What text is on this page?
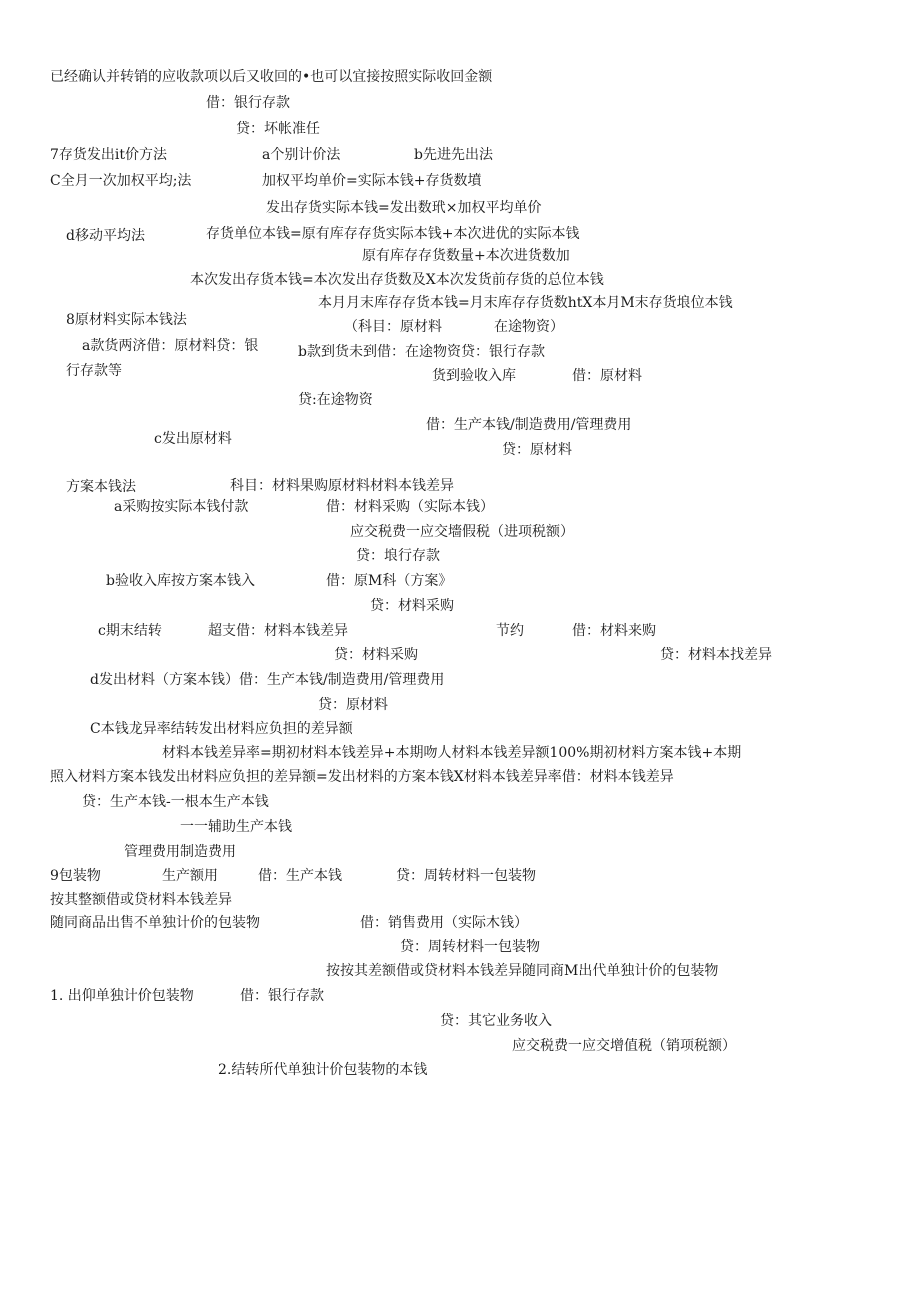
已经确认并转销的应收款项以后又收回的•也可以宜接按照实际收回金额
借：银行存款
贷：坏帐准任
7存货发出it价方法	a个别计价法	b先进先出法
C全月一次加权平均;法	加权平均单价=实际本钱+存货数墳
发出存货实际本钱=发出数玳×加权平均单价
d移动平均法	存货单位本钱=原有库存存货实际本钱+本次进优的实际本钱
原有库存存货数量+本次进货数加
本次发出存货本钱=本次发出存货数及X本次发货前存货的总位本钱
本月月末库存存货本钱=月末库存存货数htX本月M末存货埌位本钱
8原材料实际本钱法	（科目：原材料	在途物资）
a款货两济借：原材料贷：银	b款到货未到借：在途物资贷：银行存款
行存款等	货到验收入库	借：原材料
贷:在途物资
借：生产本钱/制造费用/管理费用
c发出原材料
贷：原材料
方案本钱法	科目：材料果购原材料材料本钱差异
a采购按实际本钱付款	借：材料采购（实际本钱）
应交税费一应交墻假税（进项税额）
贷：埌行存款
b验收入库按方案本钱入	借：原M科（方案》
贷：材料采购
c期末结转	超支借：材料本钱差异	节约	借：材料来购
贷：材料采购	贷：材料本找差异
d发出材料（方案本钱）借：生产本钱/制造费用/管理费用
贷：原材料
C本钱龙异率结转发出材料应负担的差异额
材料本钱差异率=期初材料本钱差异+本期吻人材料本钱差异额100%期初材料方案本钱+本期
照入材料方案本钱发出材料应负担的差异额=发出材料的方案本钱X材料本钱差异率借：材料本钱差异
贷：生产本钱-一根本生产本钱
一一辅助生产本钱
管理费用制造费用
9包装物	生产额用	借：生产本钱	贷：周转材料一包装物
按其整额借或贷材料本钱差异
随同商品出售不单独计价的包装物	借：销售费用（实际木钱）
贷：周转材料一包装物
按按其差额借或贷材料本钱差异随同商M出代单独计价的包装物
1. 出仰单独计价包装物	借：银行存款
贷：其它业务收入
应交税费一应交增值税（销项税额）
2.结转所代单独计价包装物的本钱
